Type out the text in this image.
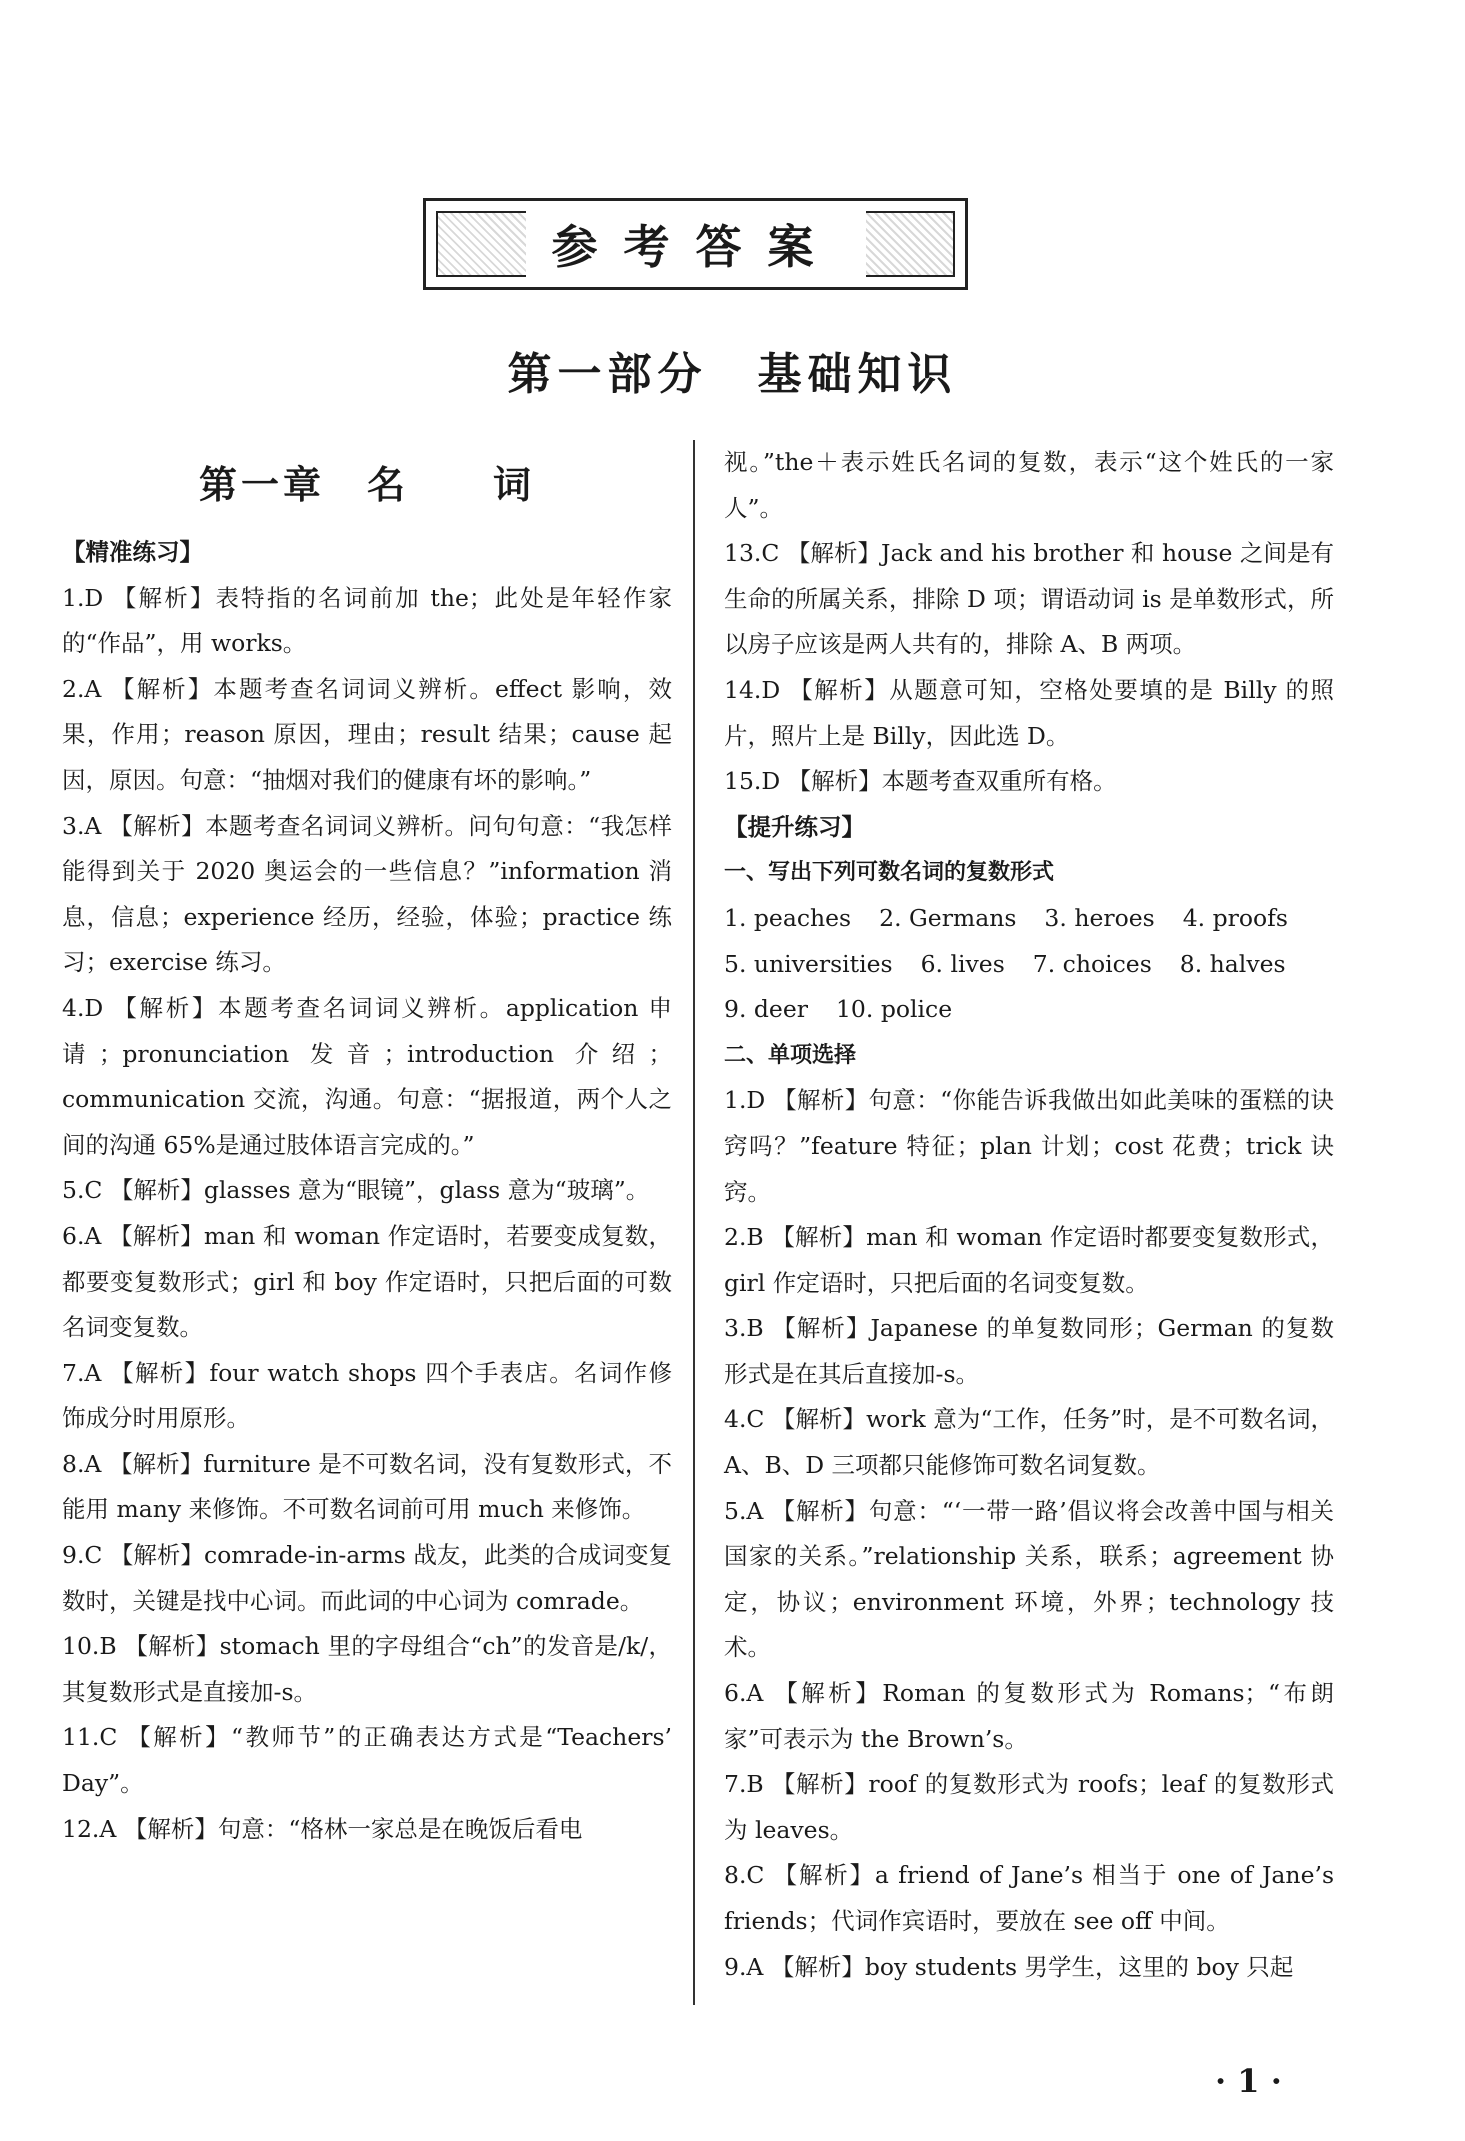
参考答案
第一部分　基础知识
第一章　名　　词
【精准练习】

1.D 【解析】表特指的名词前加 the；此处是年轻作家的“作品”，用 works。

2.A 【解析】本题考查名词词义辨析。effect 影响，效果，作用；reason 原因，理由；result 结果；cause 起因，原因。句意：“抽烟对我们的健康有坏的影响。”

3.A 【解析】本题考查名词词义辨析。问句句意：“我怎样能得到关于 2020 奥运会的一些信息？”information 消息，信息；experience 经历，经验，体验；practice 练习；exercise 练习。

4.D 【解析】本题考查名词词义辨析。application 申请；pronunciation 发音；introduction 介绍；communication 交流，沟通。句意：“据报道，两个人之间的沟通 65%是通过肢体语言完成的。”

5.C 【解析】glasses 意为“眼镜”，glass 意为“玻璃”。

6.A 【解析】man 和 woman 作定语时，若要变成复数，都要变复数形式；girl 和 boy 作定语时，只把后面的可数名词变复数。

7.A 【解析】four watch shops 四个手表店。名词作修饰成分时用原形。

8.A 【解析】furniture 是不可数名词，没有复数形式，不能用 many 来修饰。不可数名词前可用 much 来修饰。

9.C 【解析】comrade-in-arms 战友，此类的合成词变复数时，关键是找中心词。而此词的中心词为 comrade。

10.B 【解析】stomach 里的字母组合“ch”的发音是/k/，其复数形式是直接加-s。

11.C 【解析】“教师节”的正确表达方式是“Teachers’ Day”。

12.A 【解析】句意：“格林一家总是在晚饭后看电

视。”the＋表示姓氏名词的复数，表示“这个姓氏的一家人”。

13.C 【解析】Jack and his brother 和 house 之间是有生命的所属关系，排除 D 项；谓语动词 is 是单数形式，所以房子应该是两人共有的，排除 A、B 两项。

14.D 【解析】从题意可知，空格处要填的是 Billy 的照片，照片上是 Billy，因此选 D。

15.D 【解析】本题考查双重所有格。

【提升练习】
一、写出下列可数名词的复数形式
1. peaches 2. Germans 3. heroes 4. proofs
5. universities 6. lives 7. choices 8. halves
9. deer 10. police
二、单项选择

1.D 【解析】句意：“你能告诉我做出如此美味的蛋糕的诀窍吗？”feature 特征；plan 计划；cost 花费；trick 诀窍。

2.B 【解析】man 和 woman 作定语时都要变复数形式，girl 作定语时，只把后面的名词变复数。

3.B 【解析】Japanese 的单复数同形；German 的复数形式是在其后直接加-s。

4.C 【解析】work 意为“工作，任务”时，是不可数名词，A、B、D 三项都只能修饰可数名词复数。

5.A 【解析】句意：“‘一带一路’倡议将会改善中国与相关国家的关系。”relationship 关系，联系；agreement 协定，协议；environment 环境，外界；technology 技术。

6.A 【解析】Roman 的复数形式为 Romans；“布朗家”可表示为 the Brown’s。

7.B 【解析】roof 的复数形式为 roofs；leaf 的复数形式为 leaves。

8.C 【解析】a friend of Jane’s 相当于 one of Jane’s friends；代词作宾语时，要放在 see off 中间。

9.A 【解析】boy students 男学生，这里的 boy 只起

· 1 ·
